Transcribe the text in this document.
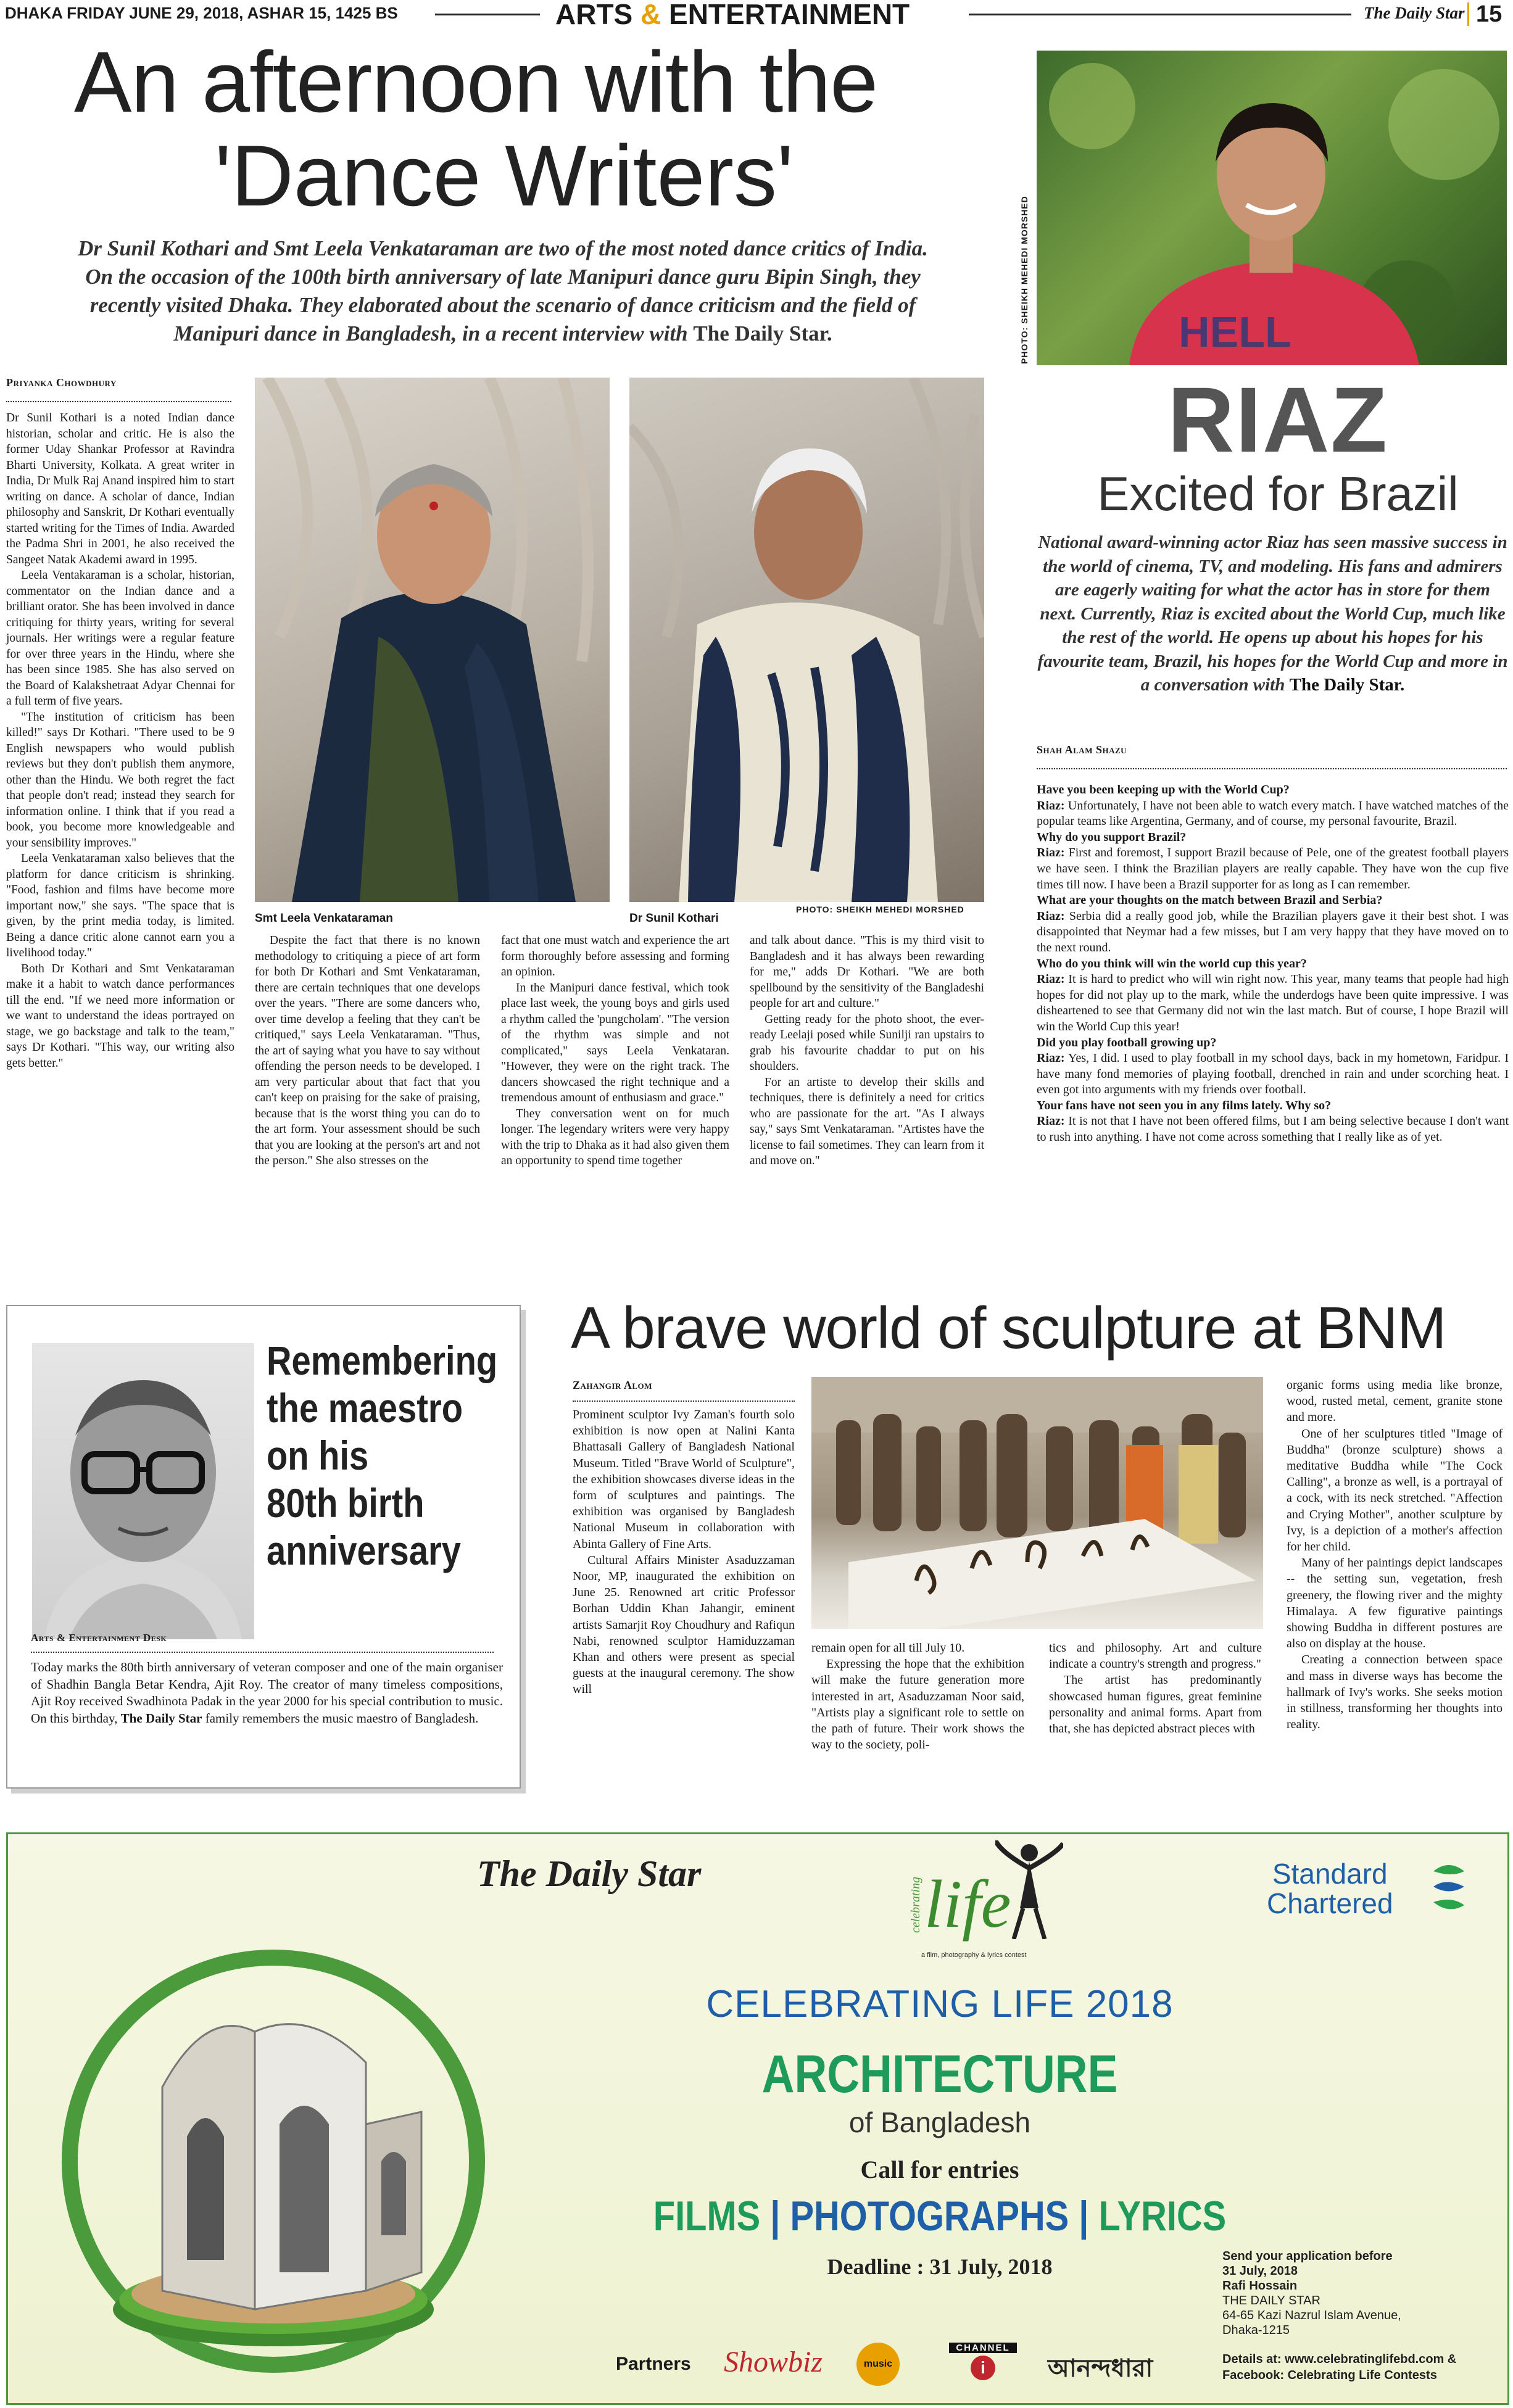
DHAKA FRIDAY JUNE 29, 2018, ASHAR 15, 1425 BS	ARTS & ENTERTAINMENT	The Daily Star 15
An afternoon with the
'Dance Writers'
Dr Sunil Kothari and Smt Leela Venkataraman are two of the most noted dance critics of India.
On the occasion of the 100th birth anniversary of late Manipuri dance guru Bipin Singh, they
recently visited Dhaka. They elaborated about the scenario of dance criticism and the field of
Manipuri dance in Bangladesh, in a recent interview with The Daily Star.
Priyanka Chowdhury
PHOTO: SHEIKH MEHEDI MORSHED
Smt Leela Venkataraman	Dr Sunil Kothari

Dr Sunil Kothari is a noted Indian dance historian, scholar and critic. He is also the former Uday Shankar Professor at Ravindra Bharti University, Kolkata. A great writer in India, Dr Mulk Raj Anand inspired him to start writing on dance. A scholar of dance, Indian philosophy and Sanskrit, Dr Kothari eventually started writing for the Times of India. Awarded the Padma Shri in 2001, he also received the Sangeet Natak Akademi award in 1995.

Leela Ventakaraman is a scholar, historian, commentator on the Indian dance and a brilliant orator. She has been involved in dance critiquing for thirty years, writing for several journals. Her writings were a regular feature for over three years in the Hindu, where she has been since 1985. She has also served on the Board of Kalakshetraat Adyar Chennai for a full term of five years.

"The institution of criticism has been killed!" says Dr Kothari. "There used to be 9 English newspapers who would publish reviews but they don't publish them anymore, other than the Hindu. We both regret the fact that people don't read; instead they search for information online. I think that if you read a book, you become more knowledgeable and your sensibility improves."

Leela Venkataraman xalso believes that the platform for dance criticism is shrinking. "Food, fashion and films have become more important now," she says. "The space that is given, by the print media today, is limited. Being a dance critic alone cannot earn you a livelihood today."

Both Dr Kothari and Smt Venkataraman make it a habit to watch dance performances till the end. "If we need more information or we want to understand the ideas portrayed on stage, we go backstage and talk to the team," says Dr Kothari. "This way, our writing also gets better."

Despite the fact that there is no known methodology to critiquing a piece of art form for both Dr Kothari and Smt Venkataraman, there are certain techniques that one develops over the years. "There are some dancers who, over time develop a feeling that they can't be critiqued," says Leela Venkataraman. "Thus, the art of saying what you have to say without offending the person needs to be developed. I am very particular about that fact that you can't keep on praising for the sake of praising, because that is the worst thing you can do to the art form. Your assessment should be such that you are looking at the person's art and not the person." She also stresses on the

fact that one must watch and experience the art form thoroughly before assessing and forming an opinion.

In the Manipuri dance festival, which took place last week, the young boys and girls used a rhythm called the 'pungcholam'. "The version of the rhythm was simple and not complicated," says Leela Venkataran. "However, they were on the right track. The dancers showcased the right technique and a tremendous amount of enthusiasm and grace."

They conversation went on for much longer. The legendary writers were very happy with the trip to Dhaka as it had also given them an opportunity to spend time together

and talk about dance. "This is my third visit to Bangladesh and it has always been rewarding for me," adds Dr Kothari. "We are both spellbound by the sensitivity of the Bangladeshi people for art and culture."

Getting ready for the photo shoot, the ever-ready Leelaji posed while Sunilji ran upstairs to grab his favourite chaddar to put on his shoulders.

For an artiste to develop their skills and techniques, there is definitely a need for critics who are passionate for the art. "As I always say," says Smt Venkataraman. "Artistes have the license to fail sometimes. They can learn from it and move on."

HELL
PHOTO: SHEIKH MEHEDI MORSHED
RIAZ
Excited for Brazil
National award-winning actor Riaz has seen massive success in the world of cinema, TV, and modeling. His fans and admirers are eagerly waiting for what the actor has in store for them next. Currently, Riaz is excited about the World Cup, much like the rest of the world. He opens up about his hopes for his favourite team, Brazil, his hopes for the World Cup and more in a conversation with The Daily Star.
Shah Alam Shazu
Have you been keeping up with the World Cup?
Riaz: Unfortunately, I have not been able to watch every match. I have watched matches of the popular teams like Argentina, Germany, and of course, my personal favourite, Brazil.
Why do you support Brazil?
Riaz: First and foremost, I support Brazil because of Pele, one of the greatest football players we have seen. I think the Brazilian players are really capable. They have won the cup five times till now. I have been a Brazil supporter for as long as I can remember.
What are your thoughts on the match between Brazil and Serbia?
Riaz: Serbia did a really good job, while the Brazilian players gave it their best shot. I was disappointed that Neymar had a few misses, but I am very happy that they have moved on to the next round.
Who do you think will win the world cup this year?
Riaz: It is hard to predict who will win right now. This year, many teams that people had high hopes for did not play up to the mark, while the underdogs have been quite impressive. I was disheartened to see that Germany did not win the last match. But of course, I hope Brazil will win the World Cup this year!
Did you play football growing up?
Riaz: Yes, I did. I used to play football in my school days, back in my hometown, Faridpur. I have many fond memories of playing football, drenched in rain and under scorching heat. I even got into arguments with my friends over football.
Your fans have not seen you in any films lately. Why so?
Riaz: It is not that I have not been offered films, but I am being selective because I don't want to rush into anything. I have not come across something that I really like as of yet.
Remembering
the maestro
on his
80th birth
anniversary
Arts & Entertainment Desk
Today marks the 80th birth anniversary of veteran composer and one of the main organiser of Shadhin Bangla Betar Kendra, Ajit Roy. The creator of many timeless compositions, Ajit Roy received Swadhinota Padak in the year 2000 for his special contribution to music. On this birthday, The Daily Star family remembers the music maestro of Bangladesh.
A brave world of sculpture at BNM
Zahangir Alom

Prominent sculptor Ivy Zaman's fourth solo exhibition is now open at Nalini Kanta Bhattasali Gallery of Bangladesh National Museum. Titled "Brave World of Sculpture", the exhibition showcases diverse ideas in the form of sculptures and paintings. The exhibition was organised by Bangladesh National Museum in collaboration with Abinta Gallery of Fine Arts.

Cultural Affairs Minister Asaduzzaman Noor, MP, inaugurated the exhibition on June 25. Renowned art critic Professor Borhan Uddin Khan Jahangir, eminent artists Samarjit Roy Choudhury and Rafiqun Nabi, renowned sculptor Hamiduzzaman Khan and others were present as special guests at the inaugural ceremony. The show will

remain open for all till July 10.

Expressing the hope that the exhibition will make the future generation more interested in art, Asaduzzaman Noor said, "Artists play a significant role to settle on the path of future. Their work shows the way to the society, poli-

tics and philosophy. Art and culture indicate a country's strength and progress."

The artist has predominantly showcased human figures, great feminine personality and animal forms. Apart from that, she has depicted abstract pieces with

organic forms using media like bronze, wood, rusted metal, cement, granite stone and more.

One of her sculptures titled "Image of Buddha" (bronze sculpture) shows a meditative Buddha while "The Cock Calling", a bronze as well, is a portrayal of a cock, with its neck stretched. "Affection and Crying Mother", another sculpture by Ivy, is a depiction of a mother's affection for her child.

Many of her paintings depict landscapes -- the setting sun, vegetation, fresh greenery, the flowing river and the mighty Himalaya. A few figurative paintings showing Buddha in different postures are also on display at the house.

Creating a connection between space and mass in diverse ways has become the hallmark of Ivy's works. She seeks motion in stillness, transforming her thoughts into reality.

The Daily Star
celebrating life
a film, photography & lyrics contest
Standard
Chartered
CELEBRATING LIFE 2018
ARCHITECTURE
of Bangladesh
Call for entries
FILMS | PHOTOGRAPHS | LYRICS
Deadline : 31 July, 2018	Send your application before
31 July, 2018
Rafi Hossain
THE DAILY STAR
64-65 Kazi Nazrul Islam Avenue,
Dhaka-1215
Details at: www.celebratinglifebd.com &
Facebook: Celebrating Life Contests
Partners Showbiz	music
CHANNEL
i	আনন্দধারা
